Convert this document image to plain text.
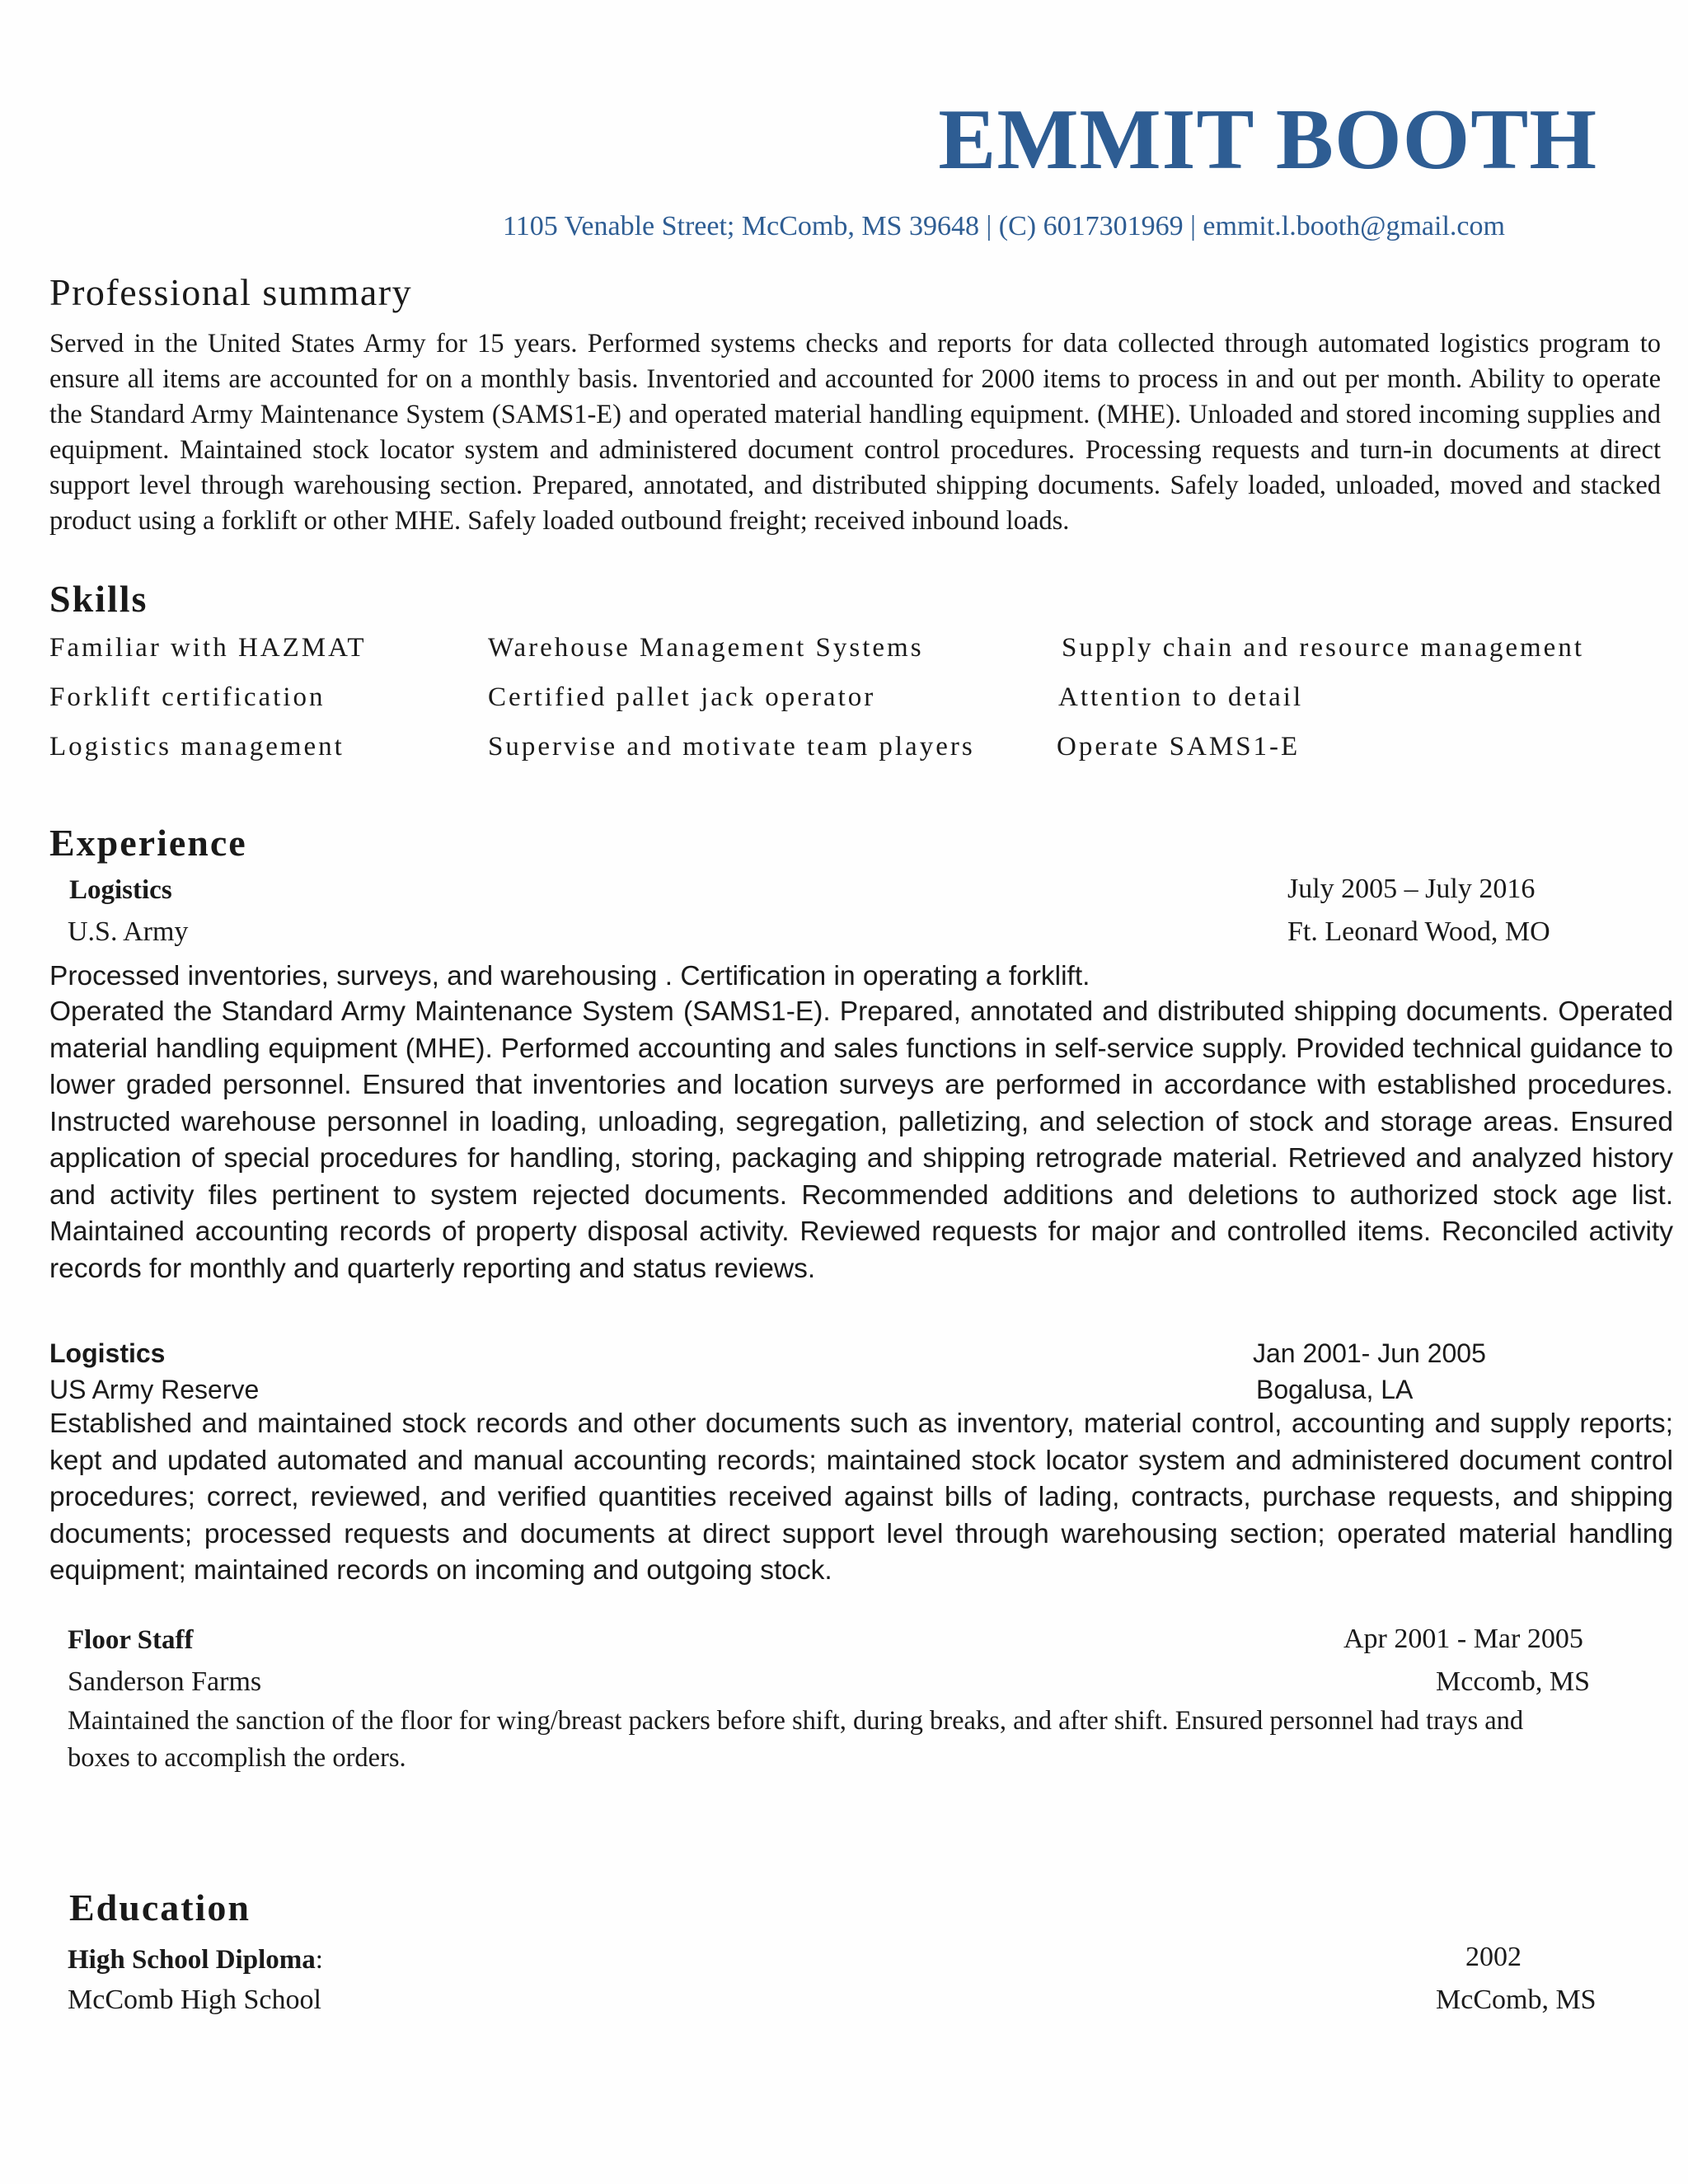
EMMIT BOOTH
1105 Venable Street; McComb, MS 39648 | (C) 6017301969 | emmit.l.booth@gmail.com
Professional summary
Served in the United States Army for 15 years. Performed systems checks and reports for data collected through automated logistics program to ensure all items are accounted for on a monthly basis. Inventoried and accounted for 2000 items to process in and out per month. Ability to operate the Standard Army Maintenance System (SAMS1-E) and operated material handling equipment. (MHE). Unloaded and stored incoming supplies and equipment. Maintained stock locator system and administered document control procedures. Processing requests and turn-in documents at direct support level through warehousing section. Prepared, annotated, and distributed shipping documents. Safely loaded, unloaded, moved and stacked product using a forklift or other MHE. Safely loaded outbound freight; received inbound loads.
Skills
Familiar with HAZMAT	Warehouse Management Systems	Supply chain and resource management
Forklift certification	Certified pallet jack operator	Attention to detail
Logistics management	Supervise and motivate team players	Operate SAMS1-E
Experience
Logistics	July 2005 – July 2016
U.S. Army	Ft. Leonard Wood, MO
Processed inventories, surveys, and warehousing . Certification in operating a forklift.
Operated the Standard Army Maintenance System (SAMS1-E). Prepared, annotated and distributed shipping documents. Operated material handling equipment (MHE). Performed accounting and sales functions in self-service supply. Provided technical guidance to lower graded personnel. Ensured that inventories and location surveys are performed in accordance with established procedures. Instructed warehouse personnel in loading, unloading, segregation, palletizing, and selection of stock and storage areas. Ensured application of special procedures for handling, storing, packaging and shipping retrograde material. Retrieved and analyzed history and activity files pertinent to system rejected documents. Recommended additions and deletions to authorized stock age list. Maintained accounting records of property disposal activity. Reviewed requests for major and controlled items. Reconciled activity records for monthly and quarterly reporting and status reviews.
Logistics	Jan 2001- Jun 2005
US Army Reserve	Bogalusa, LA
Established and maintained stock records and other documents such as inventory, material control, accounting and supply reports; kept and updated automated and manual accounting records; maintained stock locator system and administered document control procedures; correct, reviewed, and verified quantities received against bills of lading, contracts, purchase requests, and shipping documents; processed requests and documents at direct support level through warehousing section; operated material handling equipment; maintained records on incoming and outgoing stock.
Floor Staff	Apr 2001 - Mar 2005
Sanderson Farms	Mccomb, MS
Maintained the sanction of the floor for wing/breast packers before shift, during breaks, and after shift. Ensured personnel had trays and boxes to accomplish the orders.
Education
High School Diploma:	2002
McComb High School	McComb, MS
